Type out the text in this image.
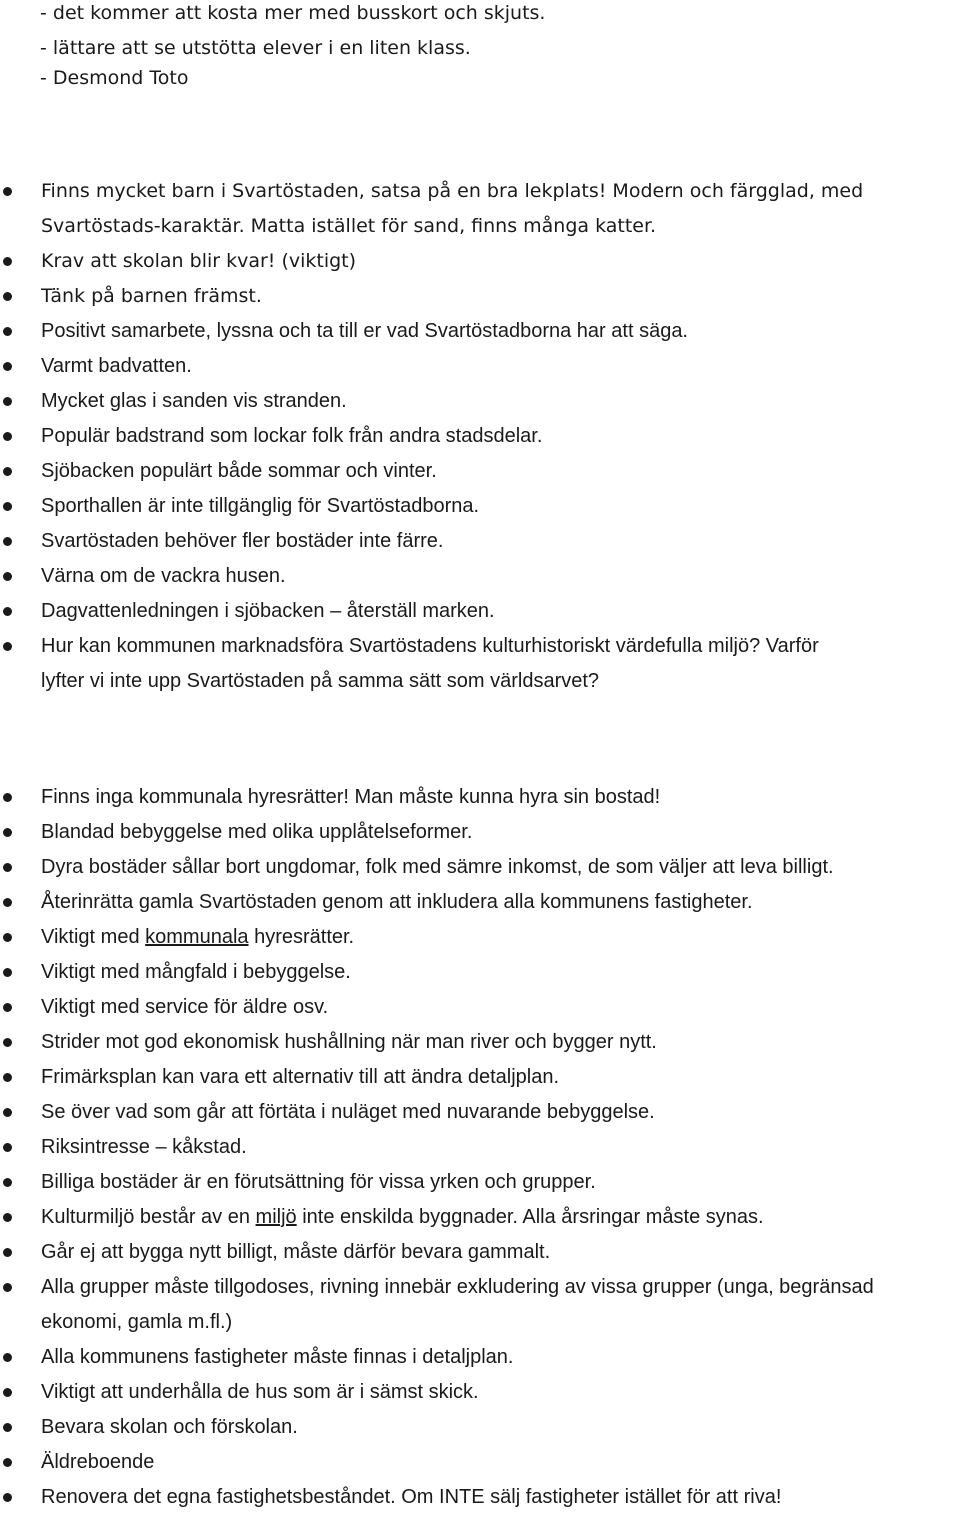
- det kommer att kosta mer med busskort och skjuts.
- lättare att se utstötta elever i en liten klass.
- Desmond Toto
Finns mycket barn i Svartöstaden, satsa på en bra lekplats! Modern och färgglad, med
Svartöstads-karaktär. Matta istället för sand, finns många katter.
Krav att skolan blir kvar! (viktigt)
Tänk på barnen främst.
Positivt samarbete, lyssna och ta till er vad Svartöstadborna har att säga.
Varmt badvatten.
Mycket glas i sanden vis stranden.
Populär badstrand som lockar folk från andra stadsdelar.
Sjöbacken populärt både sommar och vinter.
Sporthallen är inte tillgänglig för Svartöstadborna.
Svartöstaden behöver fler bostäder inte färre.
Värna om de vackra husen.
Dagvattenledningen i sjöbacken – återställ marken.
Hur kan kommunen marknadsföra Svartöstadens kulturhistoriskt värdefulla miljö? Varför
lyfter vi inte upp Svartöstaden på samma sätt som världsarvet?
Finns inga kommunala hyresrätter! Man måste kunna hyra sin bostad!
Blandad bebyggelse med olika upplåtelseformer.
Dyra bostäder sållar bort ungdomar, folk med sämre inkomst, de som väljer att leva billigt.
Återinrätta gamla Svartöstaden genom att inkludera alla kommunens fastigheter.
Viktigt med kommunala hyresrätter.
Viktigt med mångfald i bebyggelse.
Viktigt med service för äldre osv.
Strider mot god ekonomisk hushållning när man river och bygger nytt.
Frimärksplan kan vara ett alternativ till att ändra detaljplan.
Se över vad som går att förtäta i nuläget med nuvarande bebyggelse.
Riksintresse – kåkstad.
Billiga bostäder är en förutsättning för vissa yrken och grupper.
Kulturmiljö består av en miljö inte enskilda byggnader. Alla årsringar måste synas.
Går ej att bygga nytt billigt, måste därför bevara gammalt.
Alla grupper måste tillgodoses, rivning innebär exkludering av vissa grupper (unga, begränsad
ekonomi, gamla m.fl.)
Alla kommunens fastigheter måste finnas i detaljplan.
Viktigt att underhålla de hus som är i sämst skick.
Bevara skolan och förskolan.
Äldreboende
Renovera det egna fastighetsbeståndet. Om INTE sälj fastigheter istället för att riva!
